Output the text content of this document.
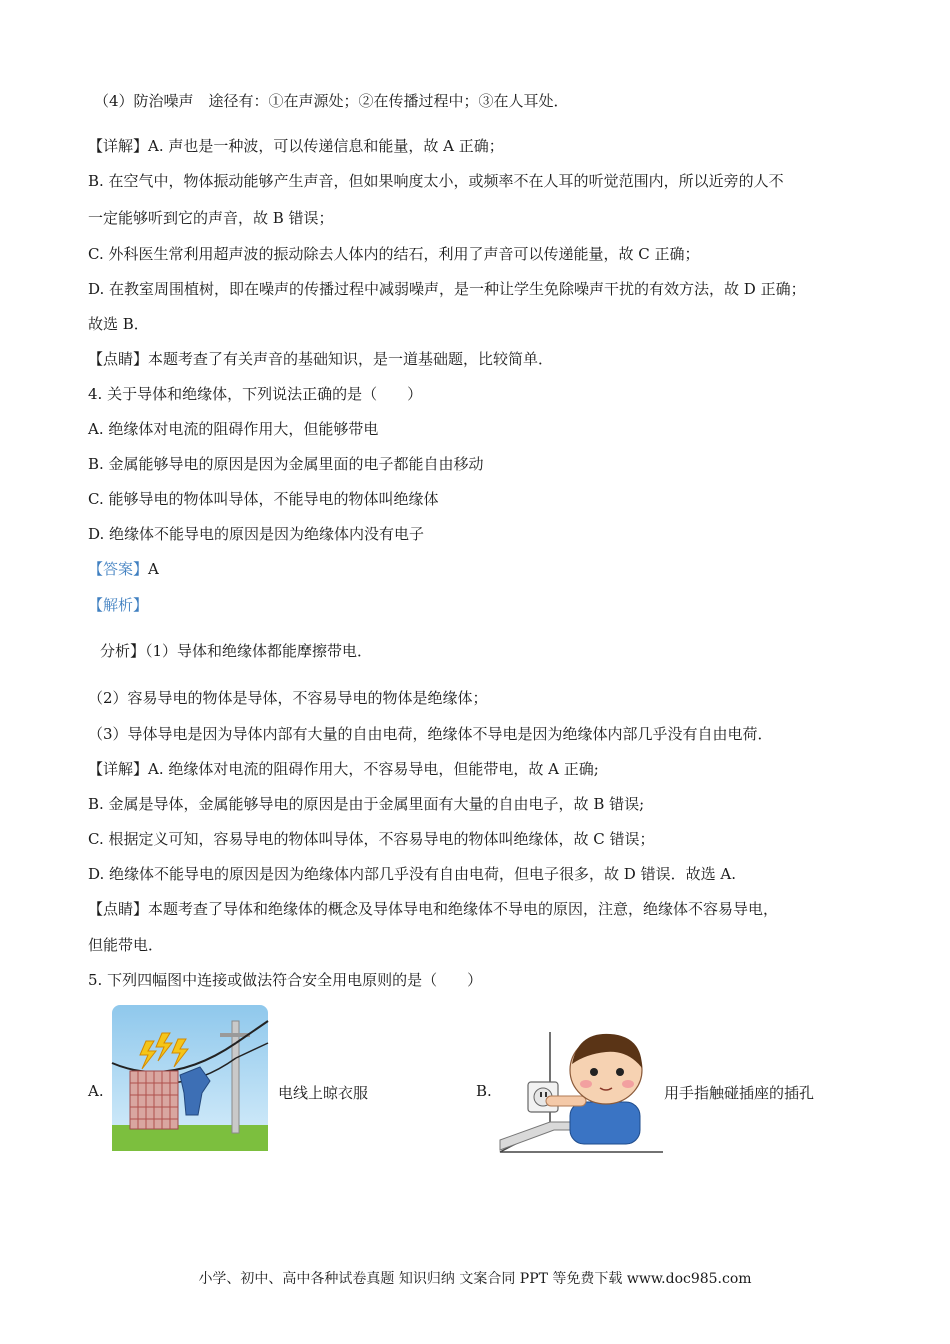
（4）防治噪声　途径有：①在声源处；②在传播过程中；③在人耳处．
【详解】A. 声也是一种波，可以传递信息和能量，故 A 正确；
B. 在空气中，物体振动能够产生声音，但如果响度太小，或频率不在人耳的听觉范围内，所以近旁的人不
一定能够听到它的声音，故 B 错误；
C. 外科医生常利用超声波的振动除去人体内的结石，利用了声音可以传递能量，故 C 正确；
D. 在教室周围植树，即在噪声的传播过程中减弱噪声，是一种让学生免除噪声干扰的有效方法，故 D 正确；
故选 B．
【点睛】本题考查了有关声音的基础知识，是一道基础题，比较简单．
4. 关于导体和绝缘体，下列说法正确的是（　　）
A. 绝缘体对电流的阻碍作用大，但能够带电
B. 金属能够导电的原因是因为金属里面的电子都能自由移动
C. 能够导电的物体叫导体，不能导电的物体叫绝缘体
D. 绝缘体不能导电的原因是因为绝缘体内没有电子
【答案】A
【解析】
分析】（1）导体和绝缘体都能摩擦带电．
（2）容易导电的物体是导体，不容易导电的物体是绝缘体；
（3）导体导电是因为导体内部有大量的自由电荷，绝缘体不导电是因为绝缘体内部几乎没有自由电荷．
【详解】A. 绝缘体对电流的阻碍作用大，不容易导电，但能带电，故 A 正确;
B. 金属是导体，金属能够导电的原因是由于金属里面有大量的自由电子，故 B 错误;
C. 根据定义可知，容易导电的物体叫导体，不容易导电的物体叫绝缘体，故 C 错误；
D. 绝缘体不能导电的原因是因为绝缘体内部几乎没有自由电荷，但电子很多，故 D 错误．故选 A.
【点睛】本题考查了导体和绝缘体的概念及导体导电和绝缘体不导电的原因，注意，绝缘体不容易导电，
但能带电．
5. 下列四幅图中连接或做法符合安全用电原则的是（　　）
A.	电线上晾衣服	B.	用手指触碰插座的插孔
小学、初中、高中各种试卷真题 知识归纳 文案合同 PPT 等免费下载 www.doc985.com
